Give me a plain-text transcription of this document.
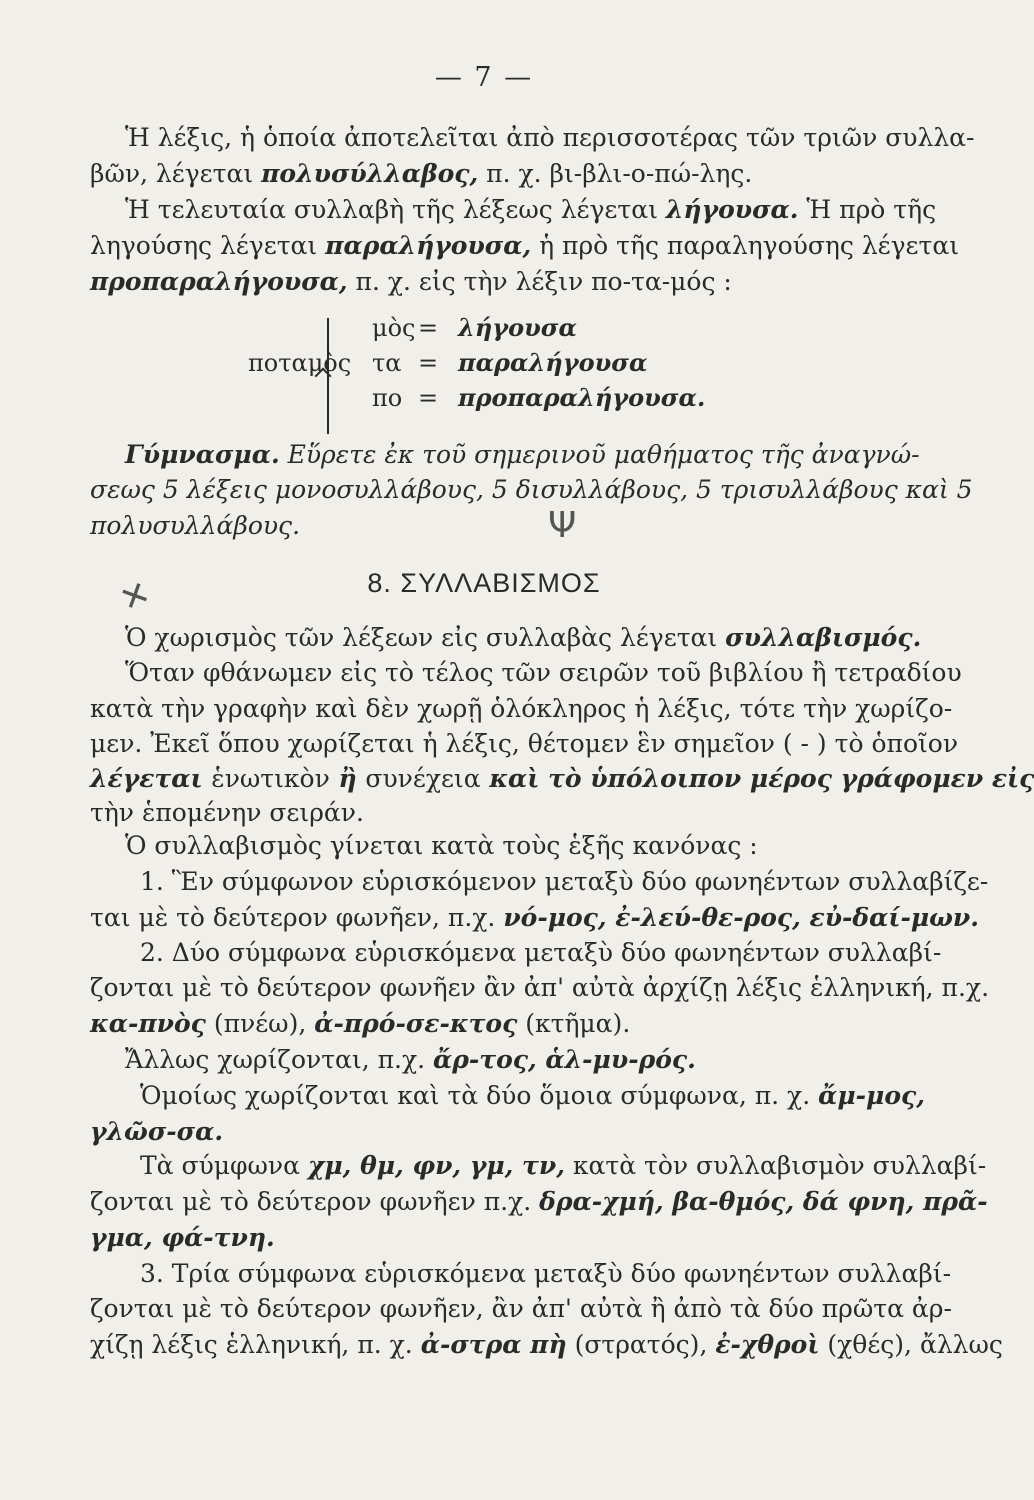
— 7 —
Ἡ λέξις, ἡ ὁποία ἀποτελεῖται ἀπὸ περισσοτέρας τῶν τριῶν συλλα-
βῶν, λέγεται πολυσύλλαβος, π. χ. βι-βλι-ο-πώ-λης.
Ἡ τελευταία συλλαβὴ τῆς λέξεως λέγεται λήγουσα. Ἡ πρὸ τῆς
ληγούσης λέγεται παραλήγουσα, ἡ πρὸ τῆς παραληγούσης λέγεται
προπαραλήγουσα, π. χ. εἰς τὴν λέξιν πο-τα-μός :
ποταμὸς
μὸς = λήγουσα
τα = παραλήγουσα
πο = προπαραλήγουσα.
Γύμνασμα. Εὕρετε ἐκ τοῦ σημερινοῦ μαθήματος τῆς ἀναγνώ-
σεως 5 λέξεις μονοσυλλάβους, 5 δισυλλάβους, 5 τρισυλλάβους καὶ 5
πολυσυλλάβους.	Ψ
+	8. ΣΥΛΛΑΒΙΣΜΟΣ
Ὁ χωρισμὸς τῶν λέξεων εἰς συλλαβὰς λέγεται συλλαβισμός.
Ὅταν φθάνωμεν εἰς τὸ τέλος τῶν σειρῶν τοῦ βιβλίου ἢ τετραδίου
κατὰ τὴν γραφὴν καὶ δὲν χωρῇ ὁλόκληρος ἡ λέξις, τότε τὴν χωρίζο-
μεν. Ἐκεῖ ὅπου χωρίζεται ἡ λέξις, θέτομεν ἓν σημεῖον ( - ) τὸ ὁποῖον
λέγεται ἑνωτικὸν ἢ συνέχεια καὶ τὸ ὑπόλοιπον μέρος γράφομεν εἰς
τὴν ἑπομένην σειράν.
Ὁ συλλαβισμὸς γίνεται κατὰ τοὺς ἑξῆς κανόνας :
1. Ἓν σύμφωνον εὑρισκόμενον μεταξὺ δύο φωνηέντων συλλαβίζε-
ται μὲ τὸ δεύτερον φωνῆεν, π.χ. νό-μος, ἐ-λεύ-θε-ρος, εὐ-δαί-μων.
2. Δύο σύμφωνα εὑρισκόμενα μεταξὺ δύο φωνηέντων συλλαβί-
ζονται μὲ τὸ δεύτερον φωνῆεν ἂν ἀπ' αὐτὰ ἀρχίζῃ λέξις ἑλληνική, π.χ.
κα-πνὸς (πνέω), ἀ-πρό-σε-κτος (κτῆμα).
Ἄλλως χωρίζονται, π.χ. ἄρ-τος, ἁλ-μυ-ρός.
Ὁμοίως χωρίζονται καὶ τὰ δύο ὅμοια σύμφωνα, π. χ. ἄμ-μος,
γλῶσ-σα.
Τὰ σύμφωνα χμ, θμ, φν, γμ, τν, κατὰ τὸν συλλαβισμὸν συλλαβί-
ζονται μὲ τὸ δεύτερον φωνῆεν π.χ. δρα-χμή, βα-θμός, δά φνη, πρᾶ-
γμα, φά-τνη.
3. Τρία σύμφωνα εὑρισκόμενα μεταξὺ δύο φωνηέντων συλλαβί-
ζονται μὲ τὸ δεύτερον φωνῆεν, ἂν ἀπ' αὐτὰ ἢ ἀπὸ τὰ δύο πρῶτα ἀρ-
χίζῃ λέξις ἑλληνική, π. χ. ἀ-στρα πὴ (στρατός), ἐ-χθροὶ (χθές), ἄλλως
